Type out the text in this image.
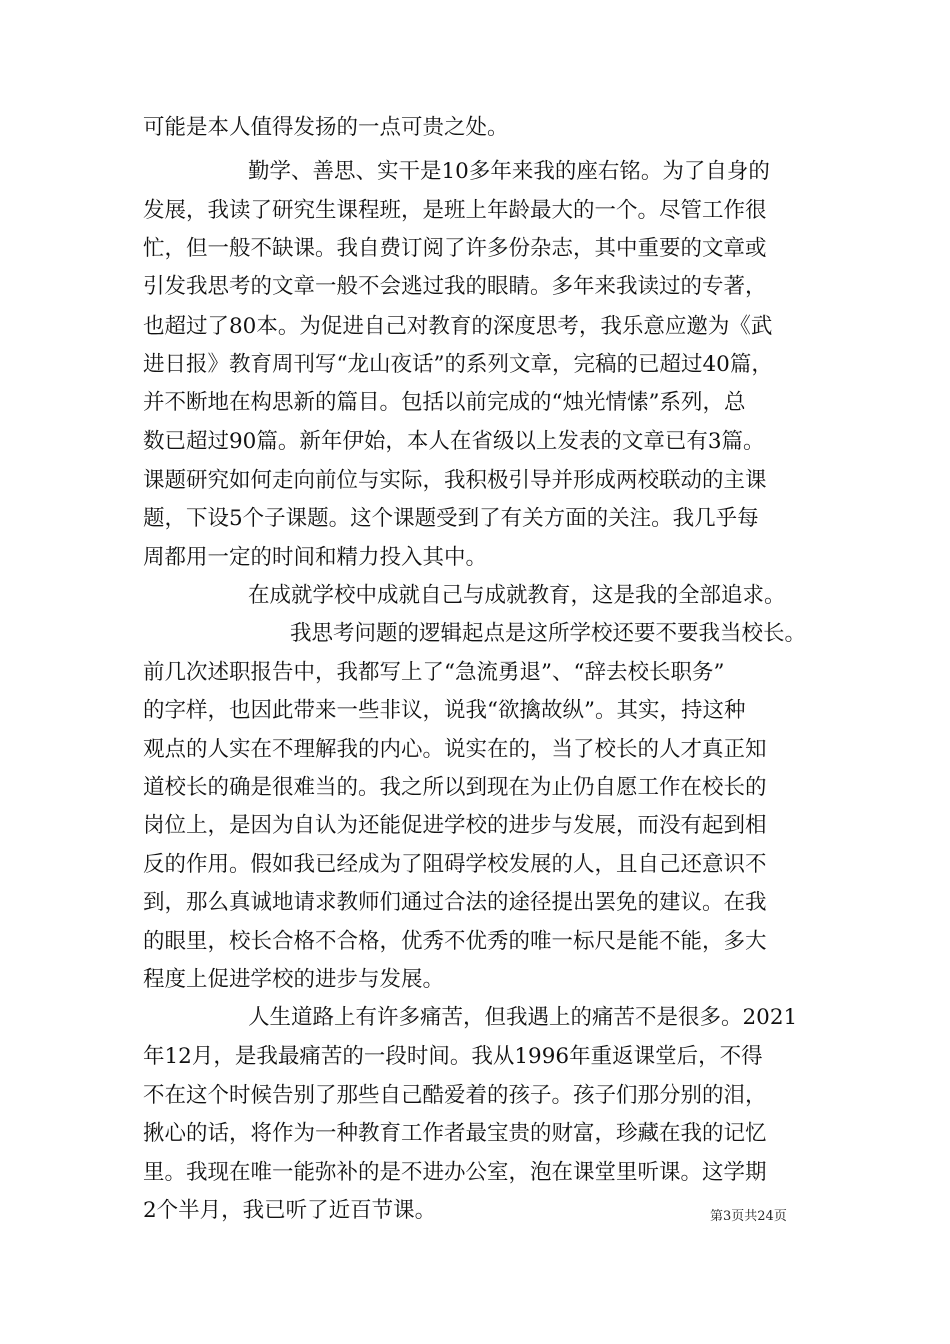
可能是本人值得发扬的一点可贵之处。
勤学、善思、实干是10多年来我的座右铭。为了自身的
发展，我读了研究生课程班，是班上年龄最大的一个。尽管工作很
忙，但一般不缺课。我自费订阅了许多份杂志，其中重要的文章或
引发我思考的文章一般不会逃过我的眼睛。多年来我读过的专著，
也超过了80本。为促进自己对教育的深度思考，我乐意应邀为《武
进日报》教育周刊写“龙山夜话”的系列文章，完稿的已超过40篇，
并不断地在构思新的篇目。包括以前完成的“烛光情愫”系列，总
数已超过90篇。新年伊始，本人在省级以上发表的文章已有3篇。
课题研究如何走向前位与实际，我积极引导并形成两校联动的主课
题，下设5个子课题。这个课题受到了有关方面的关注。我几乎每
周都用一定的时间和精力投入其中。
在成就学校中成就自己与成就教育，这是我的全部追求。
我思考问题的逻辑起点是这所学校还要不要我当校长。
前几次述职报告中，我都写上了“急流勇退”、“辞去校长职务”
的字样，也因此带来一些非议，说我“欲擒故纵”。其实，持这种
观点的人实在不理解我的内心。说实在的，当了校长的人才真正知
道校长的确是很难当的。我之所以到现在为止仍自愿工作在校长的
岗位上，是因为自认为还能促进学校的进步与发展，而没有起到相
反的作用。假如我已经成为了阻碍学校发展的人，且自己还意识不
到，那么真诚地请求教师们通过合法的途径提出罢免的建议。在我
的眼里，校长合格不合格，优秀不优秀的唯一标尺是能不能，多大
程度上促进学校的进步与发展。
人生道路上有许多痛苦，但我遇上的痛苦不是很多。2021
年12月，是我最痛苦的一段时间。我从1996年重返课堂后，不得
不在这个时候告别了那些自己酷爱着的孩子。孩子们那分别的泪，
揪心的话，将作为一种教育工作者最宝贵的财富，珍藏在我的记忆
里。我现在唯一能弥补的是不进办公室，泡在课堂里听课。这学期
2个半月，我已听了近百节课。	第3页共24页
